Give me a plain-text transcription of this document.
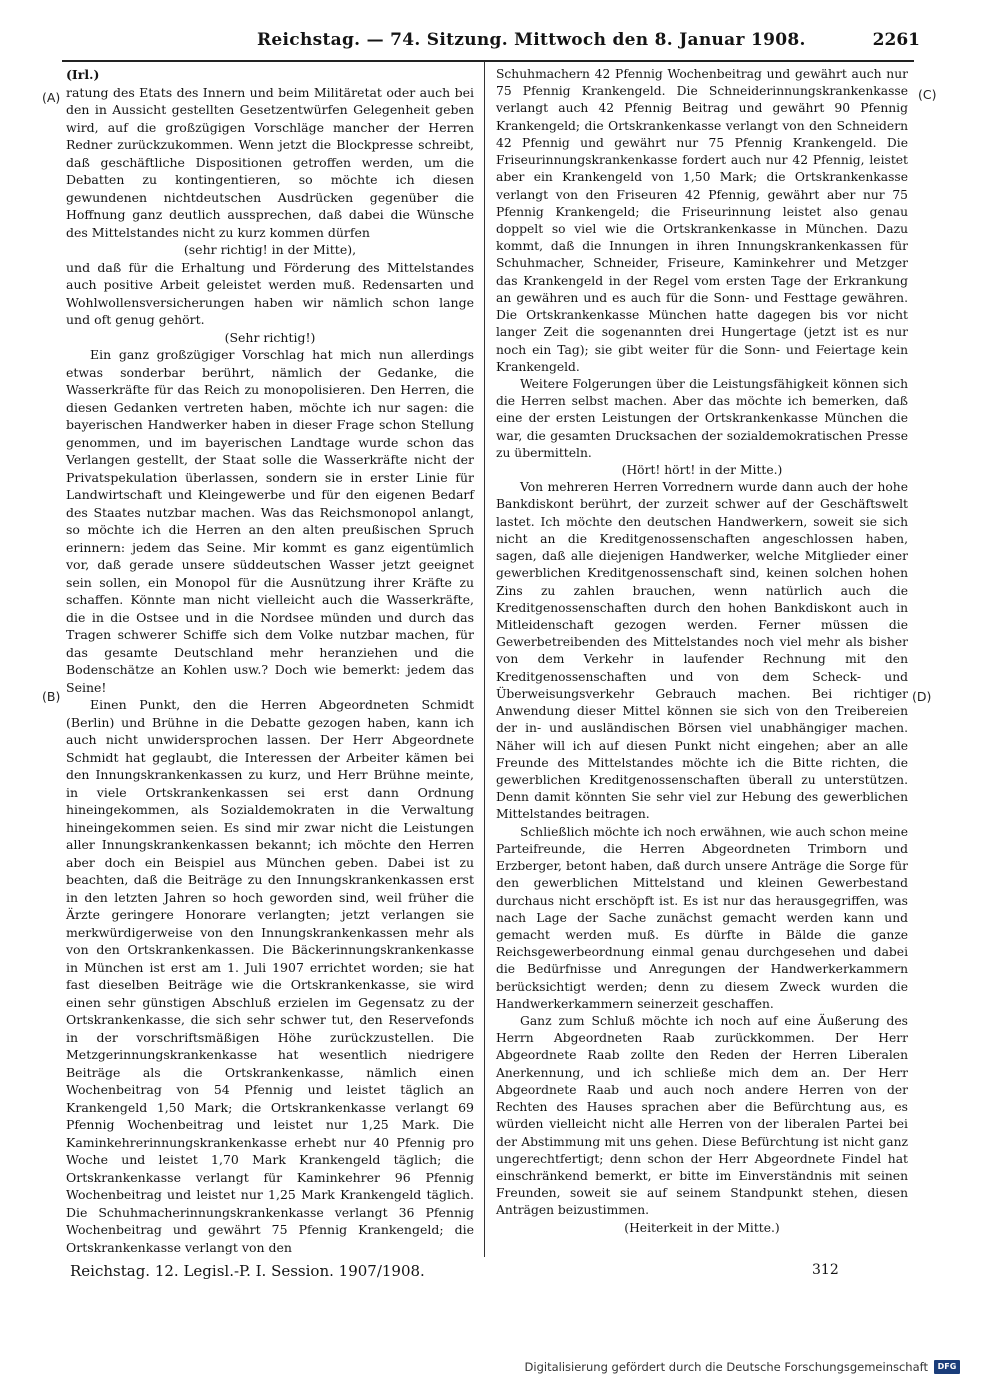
Reichstag. — 74. Sitzung. Mittwoch den 8. Januar 1908.	2261
(A)
(B)
(C)
(D)

(Irl.)

ratung des Etats des Innern und beim Militäretat oder auch bei den in Aussicht gestellten Gesetzentwürfen Gelegenheit geben wird, auf die großzügigen Vorschläge mancher der Herren Redner zurückzukommen. Wenn jetzt die Blockpresse schreibt, daß geschäftliche Dispositionen getroffen werden, um die Debatten zu kontingentieren, so möchte ich diesen gewundenen nichtdeutschen Ausdrücken gegenüber die Hoffnung ganz deutlich aussprechen, daß dabei die Wünsche des Mittelstandes nicht zu kurz kommen dürfen

(sehr richtig! in der Mitte),

und daß für die Erhaltung und Förderung des Mittelstandes auch positive Arbeit geleistet werden muß. Redensarten und Wohlwollensversicherungen haben wir nämlich schon lange und oft genug gehört.

(Sehr richtig!)

Ein ganz großzügiger Vorschlag hat mich nun allerdings etwas sonderbar berührt, nämlich der Gedanke, die Wasserkräfte für das Reich zu monopolisieren. Den Herren, die diesen Gedanken vertreten haben, möchte ich nur sagen: die bayerischen Handwerker haben in dieser Frage schon Stellung genommen, und im bayerischen Landtage wurde schon das Verlangen gestellt, der Staat solle die Wasserkräfte nicht der Privatspekulation überlassen, sondern sie in erster Linie für Landwirtschaft und Kleingewerbe und für den eigenen Bedarf des Staates nutzbar machen. Was das Reichsmonopol anlangt, so möchte ich die Herren an den alten preußischen Spruch erinnern: jedem das Seine. Mir kommt es ganz eigentümlich vor, daß gerade unsere süddeutschen Wasser jetzt geeignet sein sollen, ein Monopol für die Ausnützung ihrer Kräfte zu schaffen. Könnte man nicht vielleicht auch die Wasserkräfte, die in die Ostsee und in die Nordsee münden und durch das Tragen schwerer Schiffe sich dem Volke nutzbar machen, für das gesamte Deutschland mehr heranziehen und die Bodenschätze an Kohlen usw.? Doch wie bemerkt: jedem das Seine!

Einen Punkt, den die Herren Abgeordneten Schmidt (Berlin) und Brühne in die Debatte gezogen haben, kann ich auch nicht unwidersprochen lassen. Der Herr Abgeordnete Schmidt hat geglaubt, die Interessen der Arbeiter kämen bei den Innungskrankenkassen zu kurz, und Herr Brühne meinte, in viele Ortskrankenkassen sei erst dann Ordnung hineingekommen, als Sozialdemokraten in die Verwaltung hineingekommen seien. Es sind mir zwar nicht die Leistungen aller Innungskrankenkassen bekannt; ich möchte den Herren aber doch ein Beispiel aus München geben. Dabei ist zu beachten, daß die Beiträge zu den Innungskrankenkassen erst in den letzten Jahren so hoch geworden sind, weil früher die Ärzte geringere Honorare verlangten; jetzt verlangen sie merkwürdigerweise von den Innungskrankenkassen mehr als von den Ortskrankenkassen. Die Bäckerinnungskrankenkasse in München ist erst am 1. Juli 1907 errichtet worden; sie hat fast dieselben Beiträge wie die Ortskrankenkasse, sie wird einen sehr günstigen Abschluß erzielen im Gegensatz zu der Ortskrankenkasse, die sich sehr schwer tut, den Reservefonds in der vorschriftsmäßigen Höhe zurückzustellen. Die Metzgerinnungskrankenkasse hat wesentlich niedrigere Beiträge als die Ortskrankenkasse, nämlich einen Wochenbeitrag von 54 Pfennig und leistet täglich an Krankengeld 1,50 Mark; die Ortskrankenkasse verlangt 69 Pfennig Wochenbeitrag und leistet nur 1,25 Mark. Die Kaminkehrerinnungskrankenkasse erhebt nur 40 Pfennig pro Woche und leistet 1,70 Mark Krankengeld täglich; die Ortskrankenkasse verlangt für Kaminkehrer 96 Pfennig Wochenbeitrag und leistet nur 1,25 Mark Krankengeld täglich. Die Schuhmacherinnungskrankenkasse verlangt 36 Pfennig Wochenbeitrag und gewährt 75 Pfennig Krankengeld; die Ortskrankenkasse verlangt von den

Schuhmachern 42 Pfennig Wochenbeitrag und gewährt auch nur 75 Pfennig Krankengeld. Die Schneiderinnungskrankenkasse verlangt auch 42 Pfennig Beitrag und gewährt 90 Pfennig Krankengeld; die Ortskrankenkasse verlangt von den Schneidern 42 Pfennig und gewährt nur 75 Pfennig Krankengeld. Die Friseurinnungskrankenkasse fordert auch nur 42 Pfennig, leistet aber ein Krankengeld von 1,50 Mark; die Ortskrankenkasse verlangt von den Friseuren 42 Pfennig, gewährt aber nur 75 Pfennig Krankengeld; die Friseurinnung leistet also genau doppelt so viel wie die Ortskrankenkasse in München. Dazu kommt, daß die Innungen in ihren Innungskrankenkassen für Schuhmacher, Schneider, Friseure, Kaminkehrer und Metzger das Krankengeld in der Regel vom ersten Tage der Erkrankung an gewähren und es auch für die Sonn- und Festtage gewähren. Die Ortskrankenkasse München hatte dagegen bis vor nicht langer Zeit die sogenannten drei Hungertage (jetzt ist es nur noch ein Tag); sie gibt weiter für die Sonn- und Feiertage kein Krankengeld.

Weitere Folgerungen über die Leistungsfähigkeit können sich die Herren selbst machen. Aber das möchte ich bemerken, daß eine der ersten Leistungen der Ortskrankenkasse München die war, die gesamten Drucksachen der sozialdemokratischen Presse zu übermitteln.

(Hört! hört! in der Mitte.)

Von mehreren Herren Vorrednern wurde dann auch der hohe Bankdiskont berührt, der zurzeit schwer auf der Geschäftswelt lastet. Ich möchte den deutschen Handwerkern, soweit sie sich nicht an die Kreditgenossenschaften angeschlossen haben, sagen, daß alle diejenigen Handwerker, welche Mitglieder einer gewerblichen Kreditgenossenschaft sind, keinen solchen hohen Zins zu zahlen brauchen, wenn natürlich auch die Kreditgenossenschaften durch den hohen Bankdiskont auch in Mitleidenschaft gezogen werden. Ferner müssen die Gewerbetreibenden des Mittelstandes noch viel mehr als bisher von dem Verkehr in laufender Rechnung mit den Kreditgenossenschaften und von dem Scheck- und Überweisungsverkehr Gebrauch machen. Bei richtiger Anwendung dieser Mittel können sie sich von den Treibereien der in- und ausländischen Börsen viel unabhängiger machen. Näher will ich auf diesen Punkt nicht eingehen; aber an alle Freunde des Mittelstandes möchte ich die Bitte richten, die gewerblichen Kreditgenossenschaften überall zu unterstützen. Denn damit könnten Sie sehr viel zur Hebung des gewerblichen Mittelstandes beitragen.

Schließlich möchte ich noch erwähnen, wie auch schon meine Parteifreunde, die Herren Abgeordneten Trimborn und Erzberger, betont haben, daß durch unsere Anträge die Sorge für den gewerblichen Mittelstand und kleinen Gewerbestand durchaus nicht erschöpft ist. Es ist nur das herausgegriffen, was nach Lage der Sache zunächst gemacht werden kann und gemacht werden muß. Es dürfte in Bälde die ganze Reichsgewerbeordnung einmal genau durchgesehen und dabei die Bedürfnisse und Anregungen der Handwerkerkammern berücksichtigt werden; denn zu diesem Zweck wurden die Handwerkerkammern seinerzeit geschaffen.

Ganz zum Schluß möchte ich noch auf eine Äußerung des Herrn Abgeordneten Raab zurückkommen. Der Herr Abgeordnete Raab zollte den Reden der Herren Liberalen Anerkennung, und ich schließe mich dem an. Der Herr Abgeordnete Raab und auch noch andere Herren von der Rechten des Hauses sprachen aber die Befürchtung aus, es würden vielleicht nicht alle Herren von der liberalen Partei bei der Abstimmung mit uns gehen. Diese Befürchtung ist nicht ganz ungerechtfertigt; denn schon der Herr Abgeordnete Findel hat einschränkend bemerkt, er bitte im Einverständnis mit seinen Freunden, soweit sie auf seinem Standpunkt stehen, diesen Anträgen beizustimmen.

(Heiterkeit in der Mitte.)

Reichstag. 12. Legisl.-P. I. Session. 1907/1908.	312
Digitalisierung gefördert durch die Deutsche Forschungsgemeinschaft	DFG
